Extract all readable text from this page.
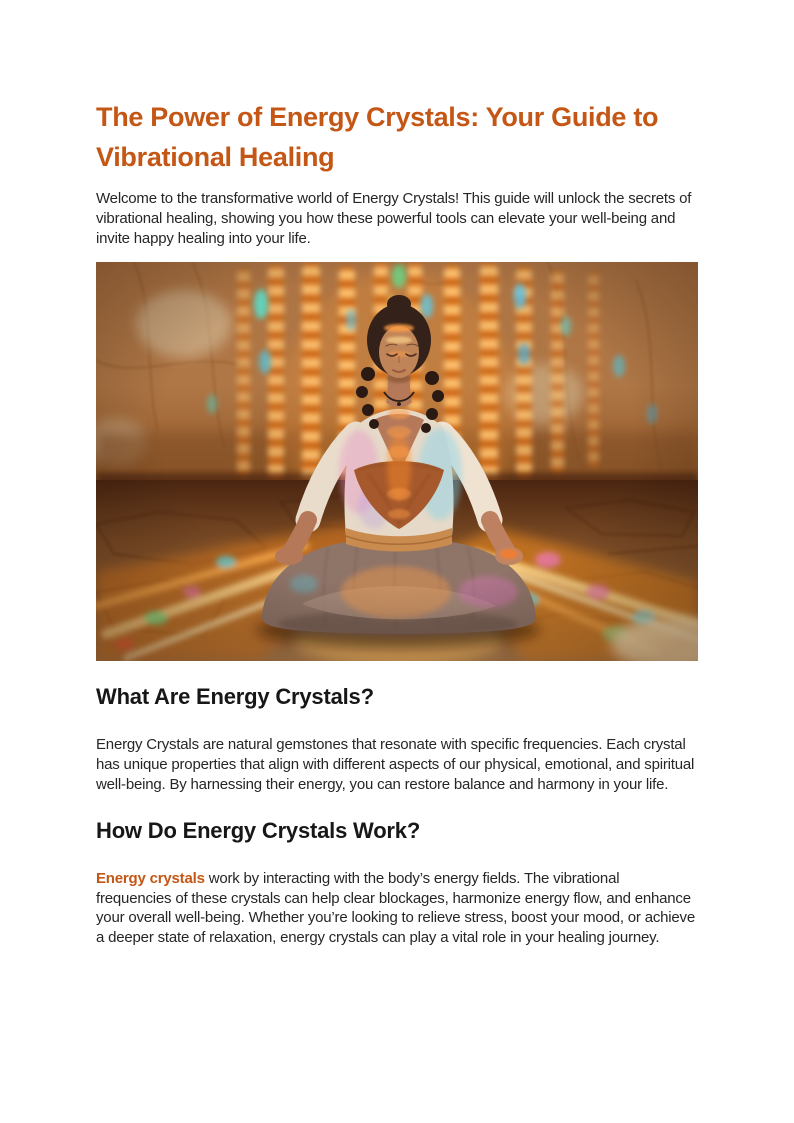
The Power of Energy Crystals: Your Guide to Vibrational Healing

Welcome to the transformative world of Energy Crystals! This guide will unlock the secrets of vibrational healing, showing you how these powerful tools can elevate your well-being and invite happy healing into your life.

What Are Energy Crystals?

Energy Crystals are natural gemstones that resonate with specific frequencies. Each crystal has unique properties that align with different aspects of our physical, emotional, and spiritual well-being. By harnessing their energy, you can restore balance and harmony in your life.

How Do Energy Crystals Work?

Energy crystals work by interacting with the body’s energy fields. The vibrational frequencies of these crystals can help clear blockages, harmonize energy flow, and enhance your overall well-being. Whether you’re looking to relieve stress, boost your mood, or achieve a deeper state of relaxation, energy crystals can play a vital role in your healing journey.
